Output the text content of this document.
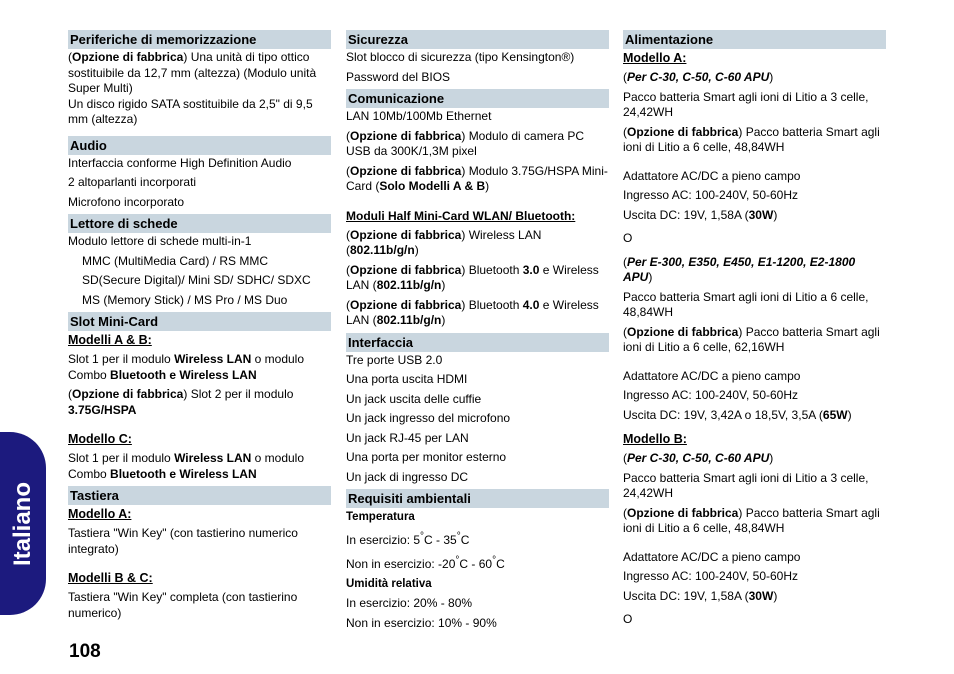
Italiano
Periferiche di memorizzazione

(Opzione di fabbrica) Una unità di tipo ottico sostituibile da 12,7 mm (altezza) (Modulo unità Super Multi)

Un disco rigido SATA sostituibile da 2,5" di 9,5 mm (altezza)

Audio

Interfaccia conforme High Definition Audio

2 altoparlanti incorporati

Microfono incorporato

Lettore di schede

Modulo lettore di schede multi-in-1

MMC (MultiMedia Card) / RS MMC

SD(Secure Digital)/ Mini SD/ SDHC/ SDXC

MS (Memory Stick) / MS Pro / MS Duo

Slot Mini-Card

Modelli A & B:

Slot 1 per il modulo Wireless LAN o modulo Combo Bluetooth e Wireless LAN

(Opzione di fabbrica) Slot 2 per il modulo 3.75G/HSPA

Modello C:

Slot 1 per il modulo Wireless LAN o modulo Combo Bluetooth e Wireless LAN

Tastiera

Modello A:

Tastiera "Win Key" (con tastierino numerico integrato)

Modelli B & C:

Tastiera "Win Key" completa (con tastierino numerico)

Sicurezza

Slot blocco di sicurezza (tipo Kensington®)

Password del BIOS

Comunicazione

LAN 10Mb/100Mb Ethernet

(Opzione di fabbrica) Modulo di camera PC USB da 300K/1,3M pixel

(Opzione di fabbrica) Modulo 3.75G/HSPA Mini-Card (Solo Modelli A & B)

Moduli Half Mini-Card WLAN/ Bluetooth:

(Opzione di fabbrica) Wireless LAN (802.11b/g/n)

(Opzione di fabbrica) Bluetooth 3.0 e Wireless LAN (802.11b/g/n)

(Opzione di fabbrica) Bluetooth 4.0 e Wireless LAN (802.11b/g/n)

Interfaccia

Tre porte USB 2.0

Una porta uscita HDMI

Un jack uscita delle cuffie

Un jack ingresso del microfono

Un jack RJ-45 per LAN

Una porta per monitor esterno

Un jack di ingresso DC

Requisiti ambientali

Temperatura

In esercizio: 5°C - 35°C

Non in esercizio: -20°C - 60°C

Umidità relativa

In esercizio: 20% - 80%

Non in esercizio: 10% - 90%

Alimentazione

Modello A:

(Per C-30, C-50, C-60 APU)

Pacco batteria Smart agli ioni di Litio a 3 celle, 24,42WH

(Opzione di fabbrica) Pacco batteria Smart agli ioni di Litio a 6 celle, 48,84WH

Adattatore AC/DC a pieno campo

Ingresso AC: 100-240V, 50-60Hz

Uscita DC: 19V, 1,58A (30W)

O

(Per E-300, E350, E450, E1-1200, E2-1800 APU)

Pacco batteria Smart agli ioni di Litio a 6 celle, 48,84WH

(Opzione di fabbrica) Pacco batteria Smart agli ioni di Litio a 6 celle, 62,16WH

Adattatore AC/DC a pieno campo

Ingresso AC: 100-240V, 50-60Hz

Uscita DC: 19V, 3,42A o 18,5V, 3,5A (65W)

Modello B:

(Per C-30, C-50, C-60 APU)

Pacco batteria Smart agli ioni di Litio a 3 celle, 24,42WH

(Opzione di fabbrica) Pacco batteria Smart agli ioni di Litio a 6 celle, 48,84WH

Adattatore AC/DC a pieno campo

Ingresso AC: 100-240V, 50-60Hz

Uscita DC: 19V, 1,58A (30W)

O

108
